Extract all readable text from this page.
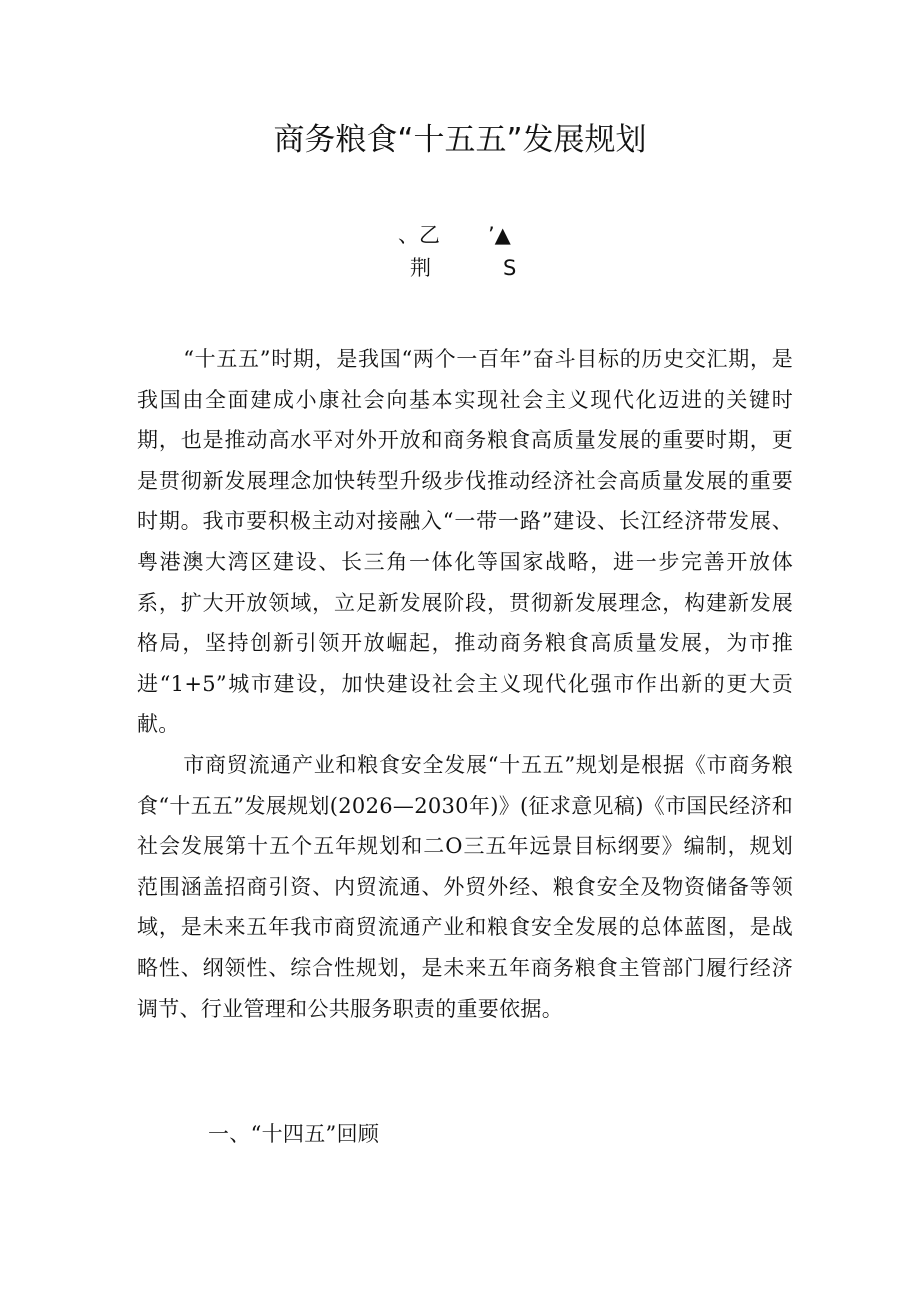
商务粮食“十五五”发展规划
、乙 ’▲
荆	S

“十五五”时期，是我国“两个一百年”奋斗目标的历史交汇期，是我国由全面建成小康社会向基本实现社会主义现代化迈进的关键时期，也是推动高水平对外开放和商务粮食高质量发展的重要时期，更是贯彻新发展理念加快转型升级步伐推动经济社会高质量发展的重要时期。我市要积极主动对接融入“一带一路”建设、长江经济带发展、粤港澳大湾区建设、长三角一体化等国家战略，进一步完善开放体系，扩大开放领域，立足新发展阶段，贯彻新发展理念，构建新发展格局，坚持创新引领开放崛起，推动商务粮食高质量发展，为市推进“1+5”城市建设，加快建设社会主义现代化强市作出新的更大贡献。

市商贸流通产业和粮食安全发展“十五五”规划是根据《市商务粮食“十五五”发展规划(2026—2030年)》(征求意见稿)《市国民经济和社会发展第十五个五年规划和二O三五年远景目标纲要》编制，规划范围涵盖招商引资、内贸流通、外贸外经、粮食安全及物资储备等领域，是未来五年我市商贸流通产业和粮食安全发展的总体蓝图，是战略性、纲领性、综合性规划，是未来五年商务粮食主管部门履行经济调节、行业管理和公共服务职责的重要依据。

一、“十四五”回顾
